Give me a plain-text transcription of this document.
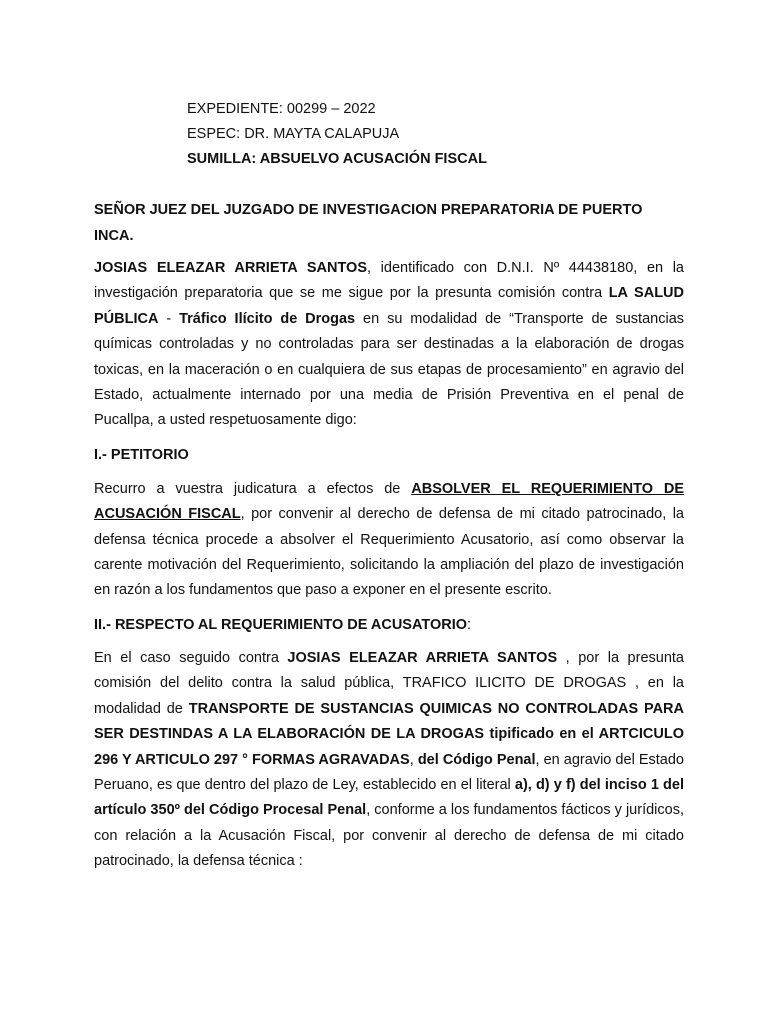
EXPEDIENTE: 00299 – 2022
ESPEC: DR. MAYTA CALAPUJA
SUMILLA: ABSUELVO ACUSACIÓN FISCAL

SEÑOR JUEZ DEL JUZGADO DE INVESTIGACION PREPARATORIA DE PUERTO INCA.

JOSIAS ELEAZAR ARRIETA SANTOS, identificado con D.N.I. Nº 44438180, en la investigación preparatoria que se me sigue por la presunta comisión contra LA SALUD PÚBLICA - Tráfico Ilícito de Drogas en su modalidad de “Transporte de sustancias químicas controladas y no controladas para ser destinadas a la elaboración de drogas toxicas, en la maceración o en cualquiera de sus etapas de procesamiento” en agravio del Estado, actualmente internado por una media de Prisión Preventiva en el penal de Pucallpa, a usted respetuosamente digo:

I.- PETITORIO

Recurro a vuestra judicatura a efectos de ABSOLVER EL REQUERIMIENTO DE ACUSACIÓN FISCAL, por convenir al derecho de defensa de mi citado patrocinado, la defensa técnica procede a absolver el Requerimiento Acusatorio, así como observar la carente motivación del Requerimiento, solicitando la ampliación del plazo de investigación en razón a los fundamentos que paso a exponer en el presente escrito.

II.- RESPECTO AL REQUERIMIENTO DE ACUSATORIO:

En el caso seguido contra JOSIAS ELEAZAR ARRIETA SANTOS , por la presunta comisión del delito contra la salud pública, TRAFICO ILICITO DE DROGAS , en la modalidad de TRANSPORTE DE SUSTANCIAS QUIMICAS NO CONTROLADAS PARA SER DESTINDAS A LA ELABORACIÓN DE LA DROGAS tipificado en el ARTCICULO 296 Y ARTICULO 297 ° FORMAS AGRAVADAS, del Código Penal, en agravio del Estado Peruano, es que dentro del plazo de Ley, establecido en el literal a), d) y f) del inciso 1 del artículo 350º del Código Procesal Penal, conforme a los fundamentos fácticos y jurídicos, con relación a la Acusación Fiscal, por convenir al derecho de defensa de mi citado patrocinado, la defensa técnica :
